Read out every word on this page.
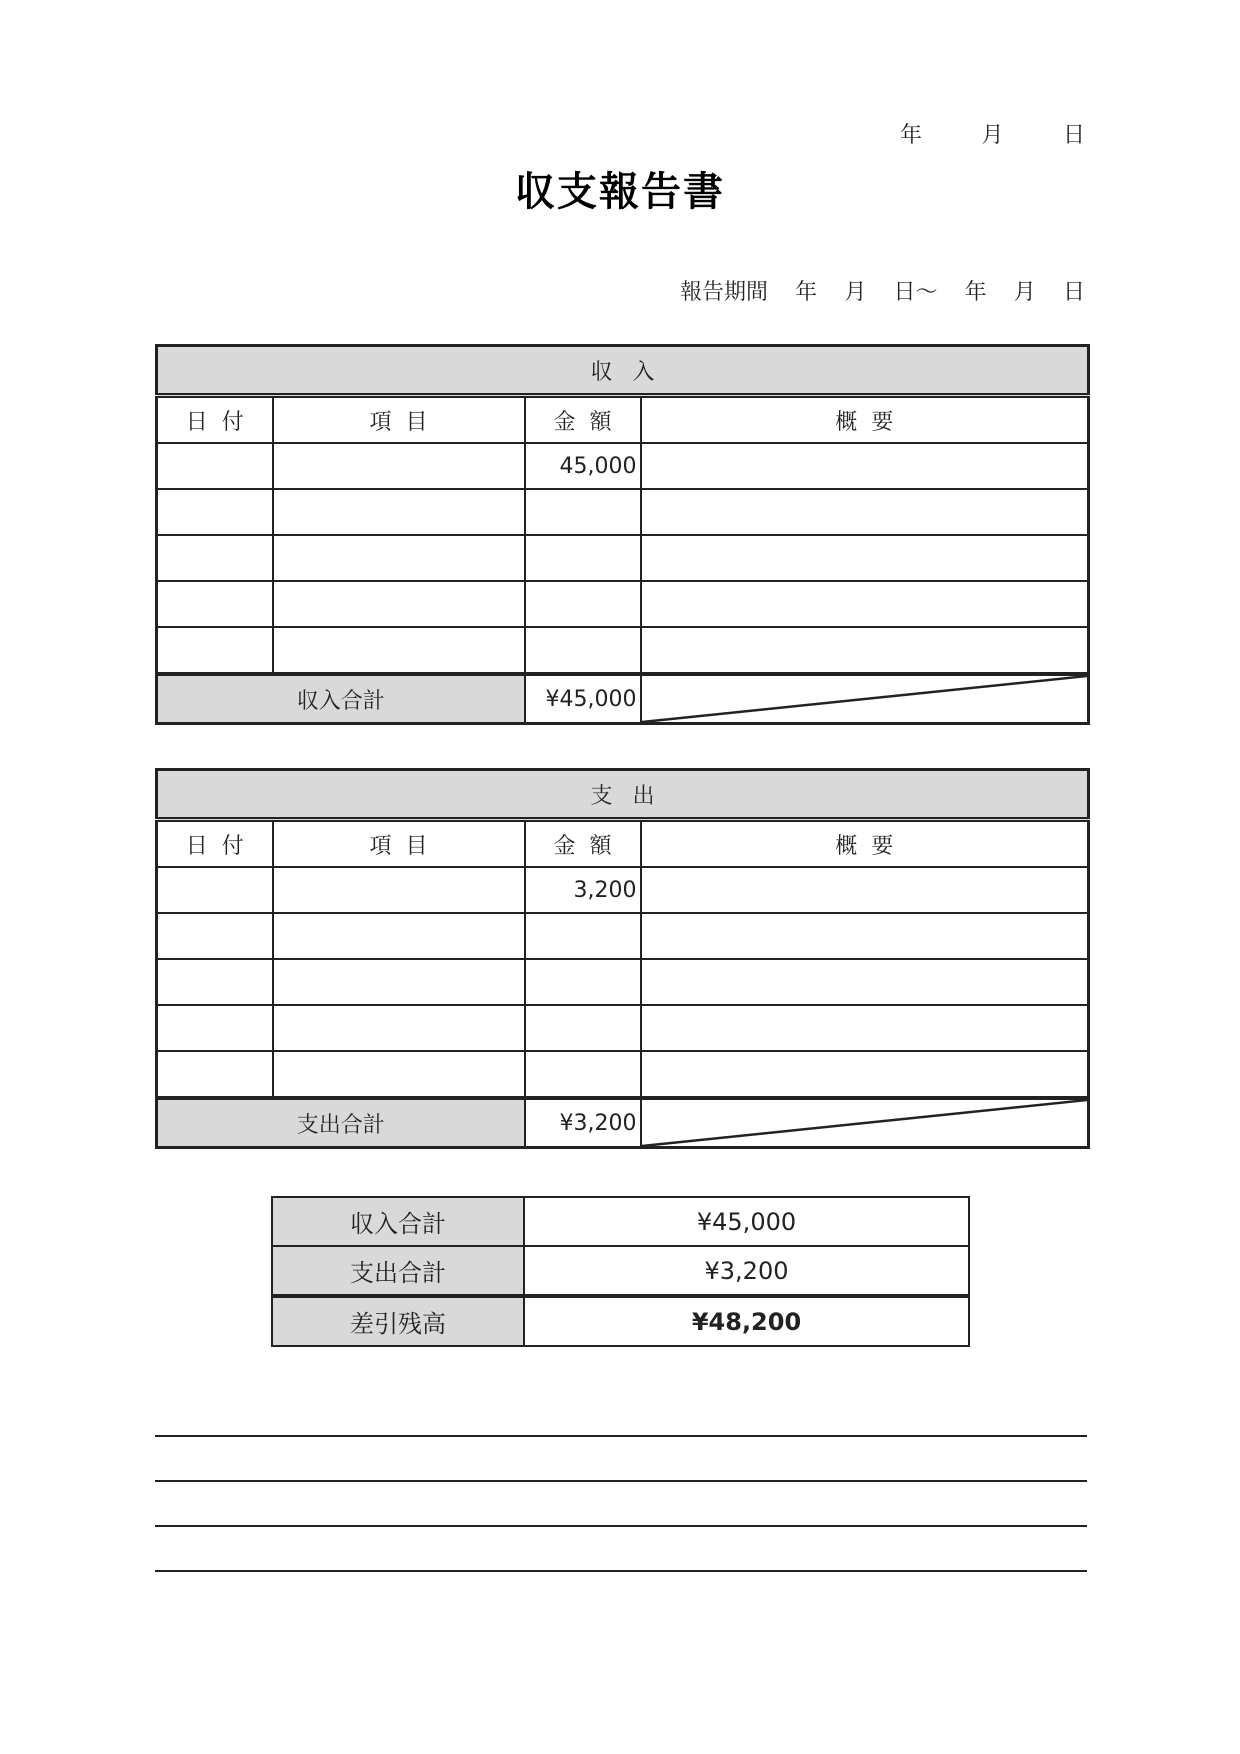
年	月	日
収支報告書
報告期間 年 月 日〜 年 月 日
収入			
日付	項目	金額	概要
		45,000	

収入合計		¥45,000	
支出			
日付	項目	金額	概要
		3,200	

支出合計		¥3,200	
収入合計	¥45,000
支出合計	¥3,200
差引残高	¥48,200
